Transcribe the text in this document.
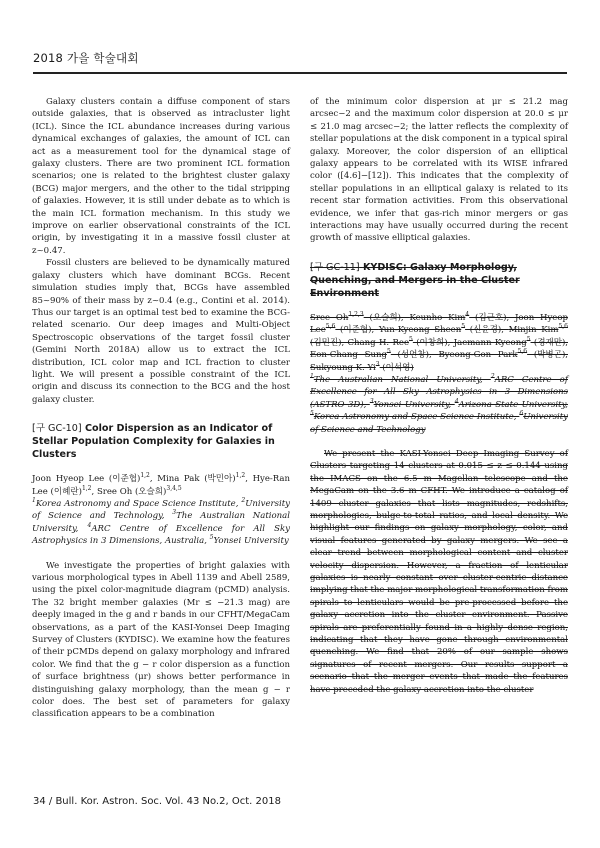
2018 가을 학술대회

Galaxy clusters contain a diffuse component of stars outside galaxies, that is observed as intracluster light (ICL). Since the ICL abundance increases during various dynamical exchanges of galaxies, the amount of ICL can act as a measurement tool for the dynamical stage of galaxy clusters. There are two prominent ICL formation scenarios; one is related to the brightest cluster galaxy (BCG) major mergers, and the other to the tidal stripping of galaxies. However, it is still under debate as to which is the main ICL formation mechanism. In this study we improve on earlier observational constraints of the ICL origin, by investigating it in a massive fossil cluster at z~0.47.

Fossil clusters are believed to be dynamically matured galaxy clusters which have dominant BCGs. Recent simulation studies imply that, BCGs have assembled 85~90% of their mass by z~0.4 (e.g., Contini et al. 2014). Thus our target is an optimal test bed to examine the BCG-related scenario. Our deep images and Multi-Object Spectroscopic observations of the target fossil cluster (Gemini North 2018A) allow us to extract the ICL distribution, ICL color map and ICL fraction to cluster light. We will present a possible constraint of the ICL origin and discuss its connection to the BCG and the host galaxy cluster.

[구 GC-10] Color Dispersion as an Indicator of Stellar Population Complexity for Galaxies in Clusters

Joon Hyeop Lee (이준협)$^{1,2}$, Mina Pak (박민아)$^{1,2}$, Hye-Ran Lee (이혜란)$^{1,2}$, Sree Oh (오슬희)$^{3,4,5}$

$^1$Korea Astronomy and Space Science Institute, $^2$University of Science and Technology, $^3$The Australian National University, $^4$ARC Centre of Excellence for All Sky Astrophysics in 3 Dimensions, Australia, $^5$Yonsei University

We investigate the properties of bright galaxies with various morphological types in Abell 1139 and Abell 2589, using the pixel color-magnitude diagram (pCMD) analysis. The 32 bright member galaxies (Mr ≤ −21.3 mag) are deeply imaged in the g and r bands in our CFHT/MegaCam observations, as a part of the KASI-Yonsei Deep Imaging Survey of Clusters (KYDISC). We examine how the features of their pCMDs depend on galaxy morphology and infrared color. We find that the g − r color dispersion as a function of surface brightness (μr) shows better performance in distinguishing galaxy morphology, than the mean g − r color does. The best set of parameters for galaxy classification appears to be a combination

of the minimum color dispersion at μr ≤ 21.2 mag arcsec−2 and the maximum color dispersion at 20.0 ≤ μr ≤ 21.0 mag arcsec−2; the latter reflects the complexity of stellar populations at the disk component in a typical spiral galaxy. Moreover, the color dispersion of an elliptical galaxy appears to be correlated with its WISE infrared color ([4.6]−[12]). This indicates that the complexity of stellar populations in an elliptical galaxy is related to its recent star formation activities. From this observational evidence, we infer that gas-rich minor mergers or gas interactions may have usually occurred during the recent growth of massive elliptical galaxies.

[구 GC-11] KYDISC: Galaxy Morphology, Quenching, and Mergers in the Cluster Environment

Sree Oh$^{1,2,3}$ (오슬희), Keunho Kim$^4$ (김근호), Joon Hyeop Lee$^{5,6}$ (이준협), Yun-Kyeong Sheen$^5$ (신윤경), Minjin Kim$^{5,6}$ (김민진), Chang H. Ree$^5$ (이창희), Jaemann Kyeong$^5$ (경재만), Eon-Chang Sung$^5$ (성언창), Byeong-Gon Park$^{5,6}$ (박병곤), Sukyoung K. Yi$^3$ (이석영)

$^1$The Australian National University, $^2$ARC Centre of Excellence for All Sky Astrophysics in 3 Dimensions (ASTRO 3D), $^3$Yonsei University, $^4$Arizona State University, $^5$Korea Astronomy and Space Science Institute, $^6$University of Science and Technology

We present the KASI-Yonsei Deep Imaging Survey of Clusters targeting 14 clusters at 0.015 ≤ z ≤ 0.144 using the IMACS on the 6.5 m Magellan telescope and the MegaCam on the 3.6 m CFHT. We introduce a catalog of 1409 cluster galaxies that lists magnitudes, redshifts, morphologies, bulge-to-total ratios, and local density. We highlight our findings on galaxy morphology, color, and visual features generated by galaxy mergers. We see a clear trend between morphological content and cluster velocity dispersion. However, a fraction of lenticular galaxies is nearly constant over cluster-centric distance implying that the major morphological transformation from spirals to lenticulars would be pre-processed before the galaxy accretion into the cluster environment. Passive spirals are preferentially found in a highly dense region, indicating that they have gone through environmental quenching. We find that 20% of our sample shows signatures of recent mergers. Our results support a scenario that the merger events that made the features have preceded the galaxy accretion into the cluster

34 / Bull. Kor. Astron. Soc. Vol. 43 No.2, Oct. 2018
